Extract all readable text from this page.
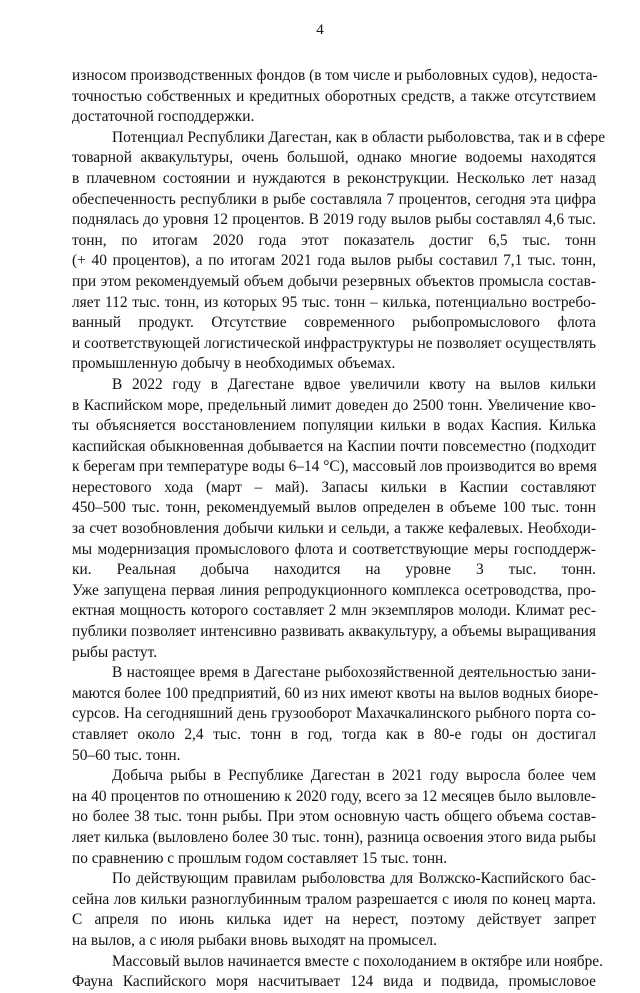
4
износом производственных фондов (в том числе и рыболовных судов), недоста-
точностью собственных и кредитных оборотных средств, а также отсутствием
достаточной господдержки.
Потенциал Республики Дагестан, как в области рыболовства, так и в сфере
товарной аквакультуры, очень большой, однако многие водоемы находятся
в плачевном состоянии и нуждаются в реконструкции. Несколько лет назад
обеспеченность республики в рыбе составляла 7 процентов, сегодня эта цифра
поднялась до уровня 12 процентов. В 2019 году вылов рыбы составлял 4,6 тыс.
тонн, по итогам 2020 года этот показатель достиг 6,5 тыс. тонн
(+ 40 процентов), а по итогам 2021 года вылов рыбы составил 7,1 тыс. тонн,
при этом рекомендуемый объем добычи резервных объектов промысла состав-
ляет 112 тыс. тонн, из которых 95 тыс. тонн – килька, потенциально востребо-
ванный продукт. Отсутствие современного рыбопромыслового флота
и соответствующей логистической инфраструктуры не позволяет осуществлять
промышленную добычу в необходимых объемах.
В 2022 году в Дагестане вдвое увеличили квоту на вылов кильки
в Каспийском море, предельный лимит доведен до 2500 тонн. Увеличение кво-
ты объясняется восстановлением популяции кильки в водах Каспия. Килька
каспийская обыкновенная добывается на Каспии почти повсеместно (подходит
к берегам при температуре воды 6–14 °С), массовый лов производится во время
нерестового хода (март – май). Запасы кильки в Каспии составляют
450–500 тыс. тонн, рекомендуемый вылов определен в объеме 100 тыс. тонн
за счет возобновления добычи кильки и сельди, а также кефалевых. Необходи-
мы модернизация промыслового флота и соответствующие меры господдерж-
ки. Реальная добыча находится на уровне 3 тыс. тонн.
Уже запущена первая линия репродукционного комплекса осетроводства, про-
ектная мощность которого составляет 2 млн экземпляров молоди. Климат рес-
публики позволяет интенсивно развивать аквакультуру, а объемы выращивания
рыбы растут.
В настоящее время в Дагестане рыбохозяйственной деятельностью зани-
маются более 100 предприятий, 60 из них имеют квоты на вылов водных биоре-
сурсов. На сегодняшний день грузооборот Махачкалинского рыбного порта со-
ставляет около 2,4 тыс. тонн в год, тогда как в 80-е годы он достигал
50–60 тыс. тонн.
Добыча рыбы в Республике Дагестан в 2021 году выросла более чем
на 40 процентов по отношению к 2020 году, всего за 12 месяцев было выловле-
но более 38 тыс. тонн рыбы. При этом основную часть общего объема состав-
ляет килька (выловлено более 30 тыс. тонн), разница освоения этого вида рыбы
по сравнению с прошлым годом составляет 15 тыс. тонн.
По действующим правилам рыболовства для Волжско-Каспийского бас-
сейна лов кильки разноглубинным тралом разрешается с июля по конец марта.
С апреля по июнь килька идет на нерест, поэтому действует запрет
на вылов, а с июля рыбаки вновь выходят на промысел.
Массовый вылов начинается вместе с похолоданием в октябре или ноябре.
Фауна Каспийского моря насчитывает 124 вида и подвида, промысловое
